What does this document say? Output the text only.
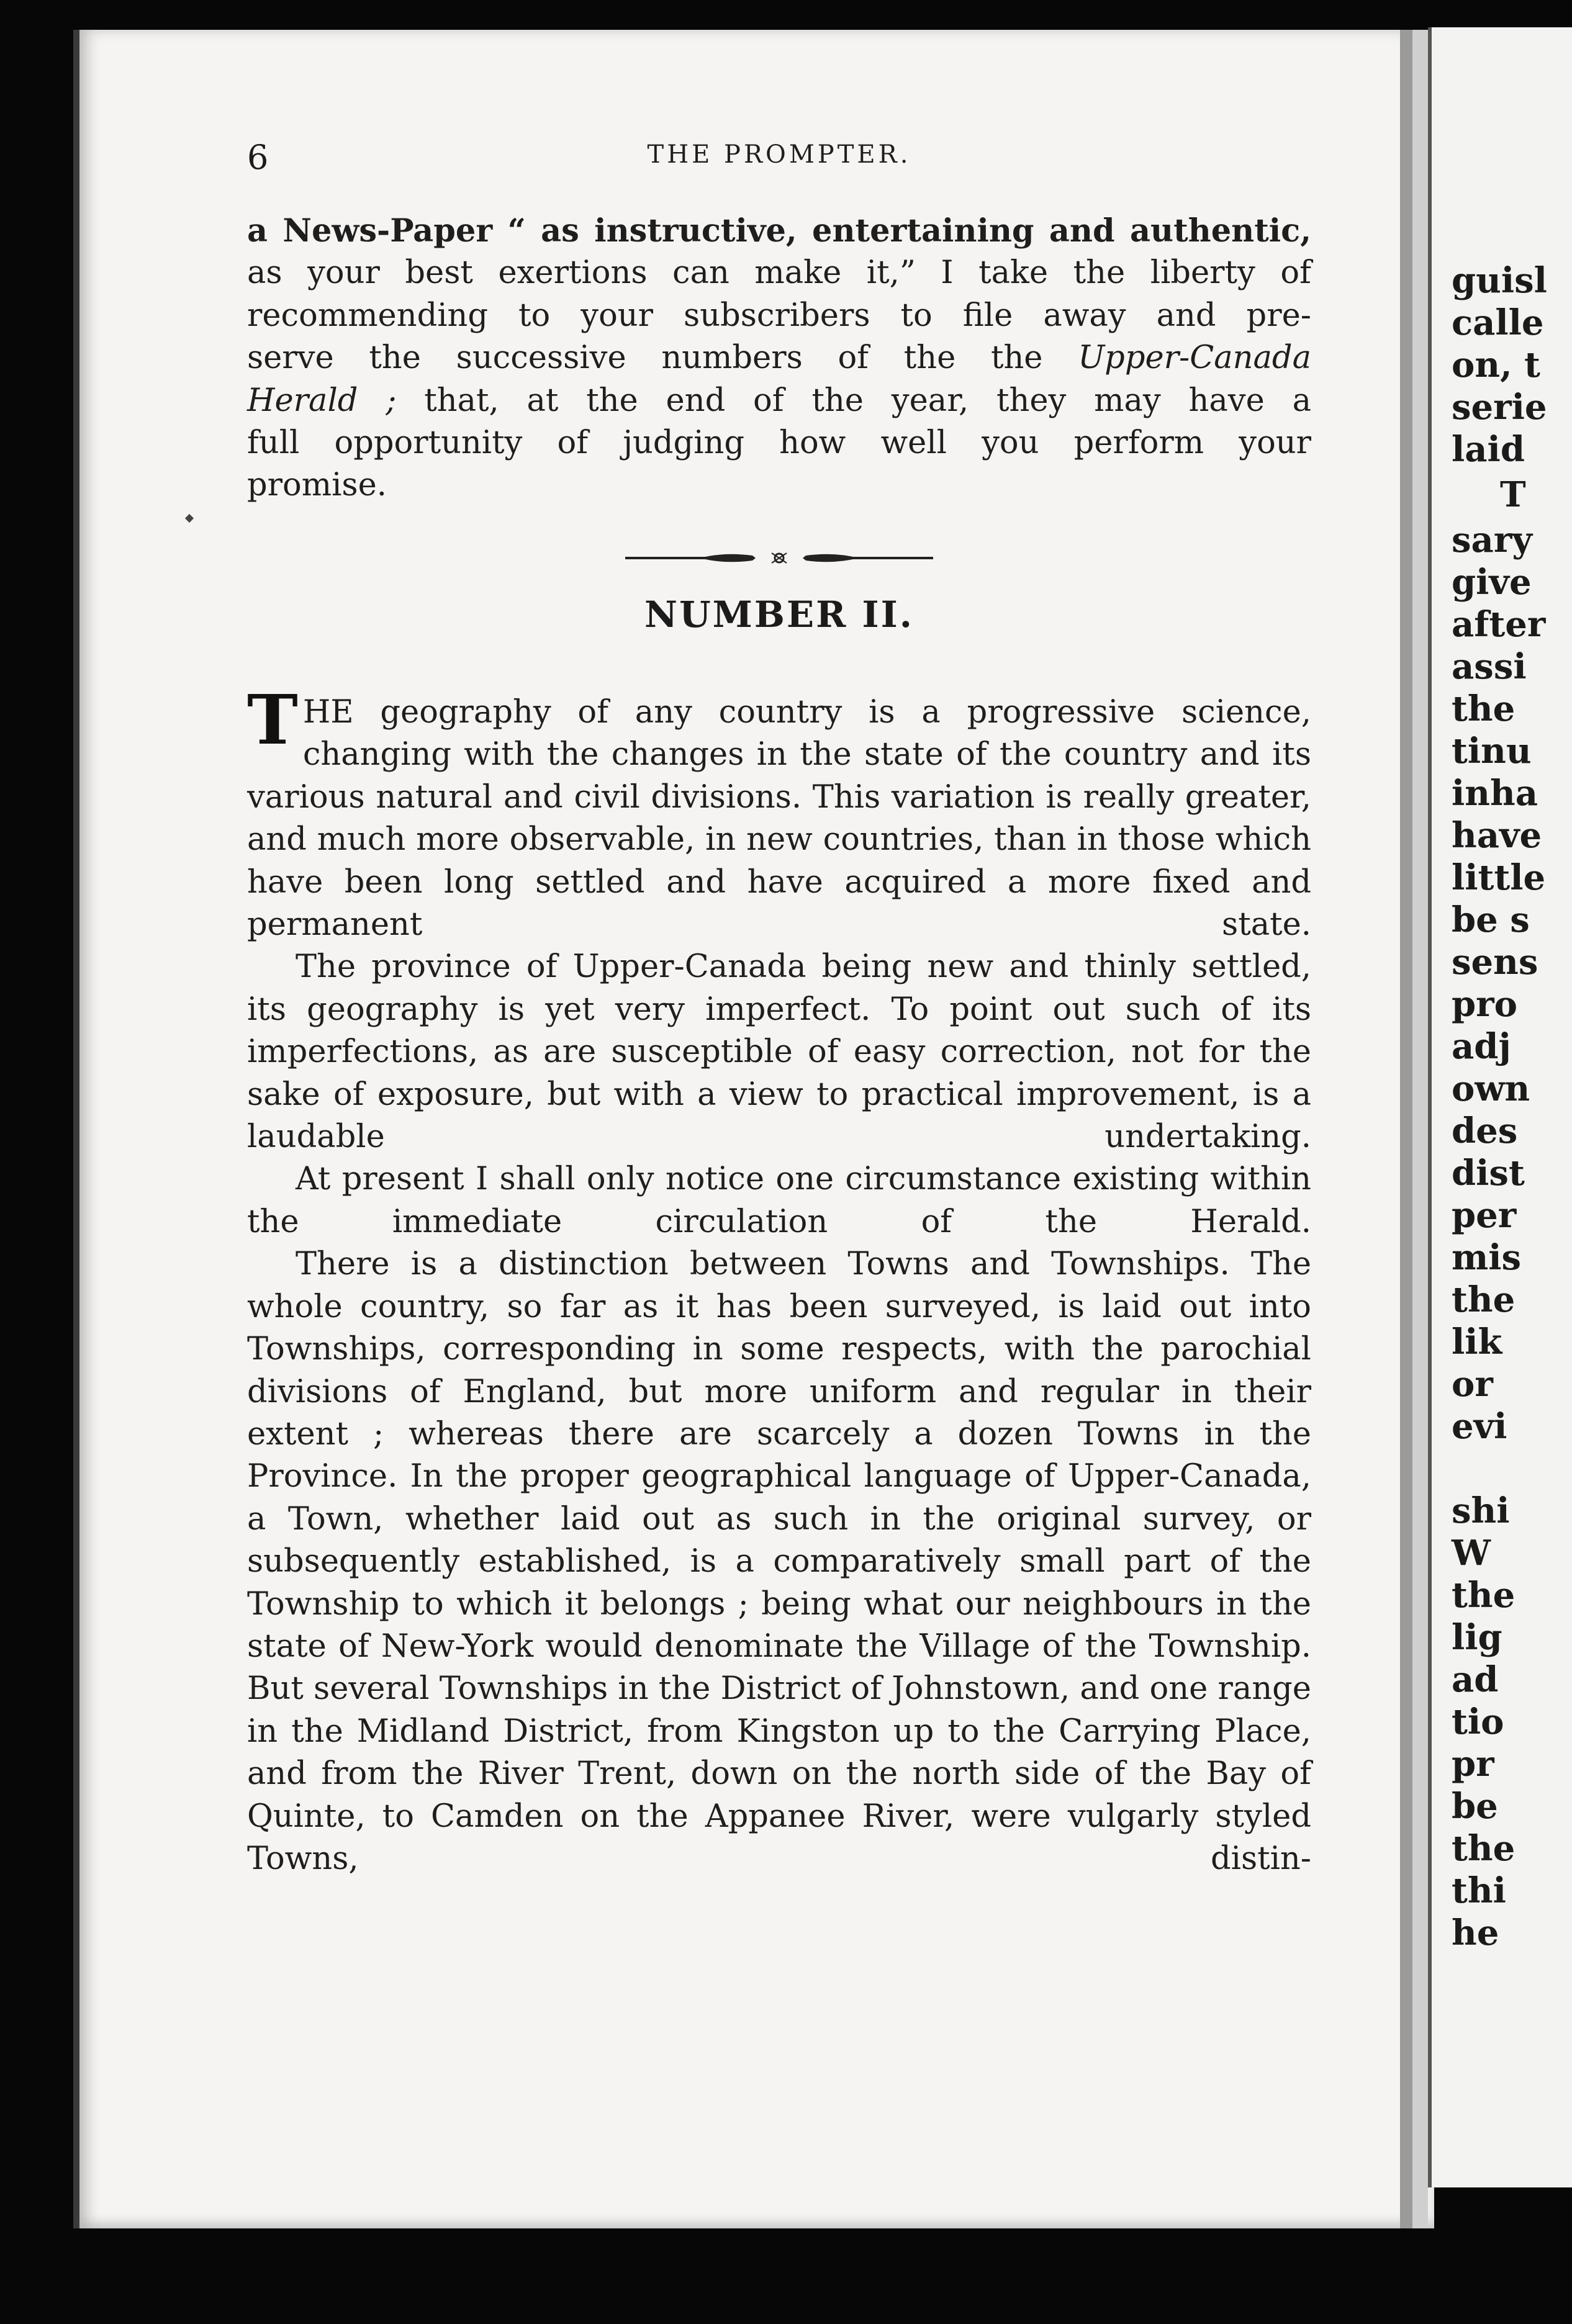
guisl
calle
on, t
serie
laid
T
sary
give
after
assi
the
tinu
inha
have
little
be s
sens
pro
adj
own
des
dist
per
mis
the
lik
or
evi
shi
W
the
lig
ad
tio
pr
be
the
thi
he
6	THE PROMPTER.

a News-Paper “ as instructive, entertaining and authentic,

as your best exertions can make it,” I take the liberty of

recommending to your subscribers to file away and pre-

serve the successive numbers of the the Upper-Canada

Herald ; that, at the end of the year, they may have a

full opportunity of judging how well you perform your

promise.

NUMBER II.

THE geography of any country is a progressive science, changing with the changes in the state of the country and its various natural and civil divisions. This variation is really greater, and much more observable, in new countries, than in those which have been long settled and have acquired a more fixed and permanent state.

The province of Upper-Canada being new and thinly settled, its geography is yet very imperfect. To point out such of its imperfections, as are susceptible of easy correction, not for the sake of exposure, but with a view to practical improvement, is a laudable undertaking.

At present I shall only notice one circumstance existing within the immediate circulation of the Herald.

There is a distinction between Towns and Townships. The whole country, so far as it has been surveyed, is laid out into Townships, corresponding in some respects, with the parochial divisions of England, but more uniform and regular in their extent ; whereas there are scarcely a dozen Towns in the Province. In the proper geographical language of Upper-Canada, a Town, whether laid out as such in the original survey, or subsequently established, is a comparatively small part of the Township to which it belongs ; being what our neighbours in the state of New-York would denominate the Village of the Township. But several Townships in the District of Johnstown, and one range in the Midland District, from Kingston up to the Carrying Place, and from the River Trent, down on the north side of the Bay of Quinte, to Camden on the Appanee River, were vulgarly styled Towns, distin-
